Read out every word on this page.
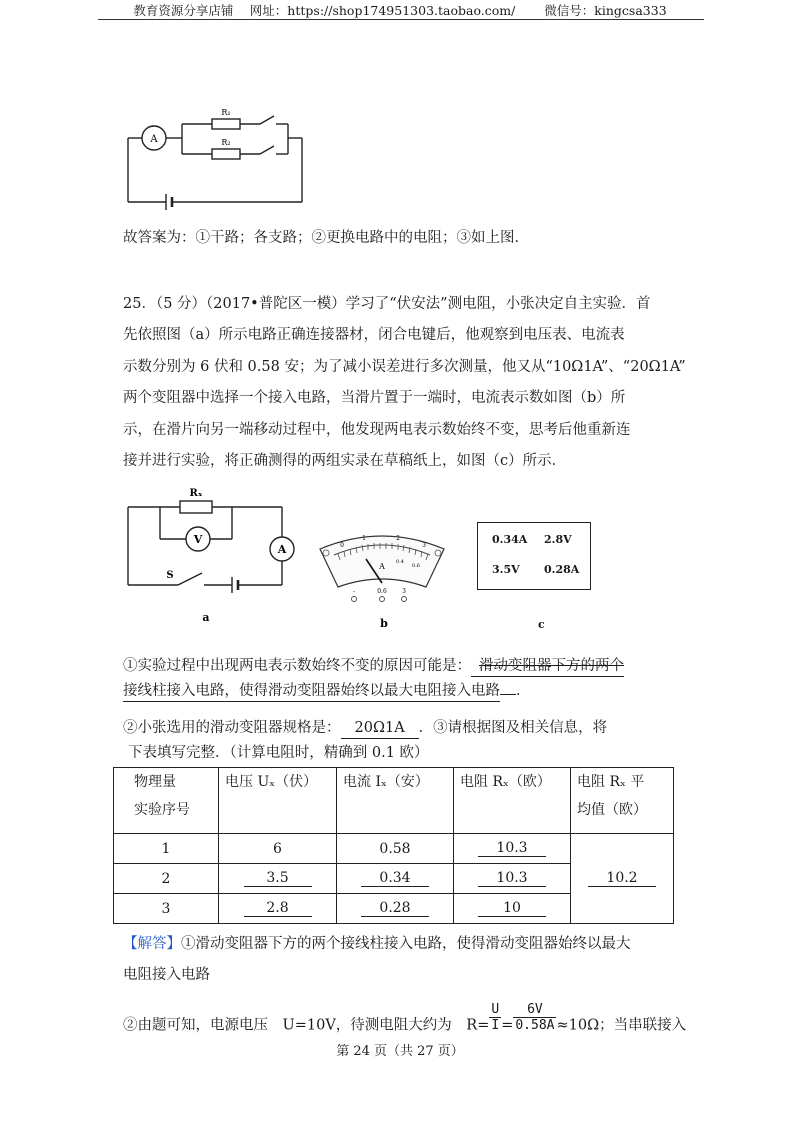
教育资源分享店铺　 网址：https://shop174951303.taobao.com/　　 微信号：kingcsa333
A
R₁
R₂
故答案为：①干路；各支路；②更换电路中的电阻；③如上图．
25．（5 分）（2017•普陀区一模）学习了“伏安法”测电阻，小张决定自主实验．首
先依照图（a）所示电路正确连接器材，闭合电键后，他观察到电压表、电流表
示数分别为 6 伏和 0.58 安；为了减小误差进行多次测量，他又从“10Ω1A”、“20Ω1A”
两个变阻器中选择一个接入电路，当滑片置于一端时，电流表示数如图（b）所
示，在滑片向另一端移动过程中，他发现两电表示数始终不变，思考后他重新连
接并进行实验，将正确测得的两组实录在草稿纸上，如图（c）所示．
Rₓ
V
A
S
a
0
1	2
3
0.4
0.6
A
-	0.6	3
b
0.34A 2.8V
3.5V 0.28A
c
①实验过程中出现两电表示数始终不变的原因可能是： 滑动变阻器下方的两个
接线柱接入电路，使得滑动变阻器始终以最大电阻接入电路 ．
②小张选用的滑动变阻器规格是： 20Ω1A ．③请根据图及相关信息，将
下表填写完整．（计算电阻时，精确到 0.1 欧）
物理量
实验序号	电压 Uₓ（伏）	电流 Iₓ（安）	电阻 Rₓ（欧）	电阻 Rₓ 平
均值（欧）

1	6	0.58	10.3	10.2
2	3.5	0.34	10.3	
3	2.8	0.28	10	
【解答】①滑动变阻器下方的两个接线柱接入电路，使得滑动变阻器始终以最大
电阻接入电路
②由题可知，电源电压　U=10V，待测电阻大约为　$R= \frac{U}{I} = \frac{6V}{0.58A} \approx 10\Omega$；当串联接入
第 24 页（共 27 页）
